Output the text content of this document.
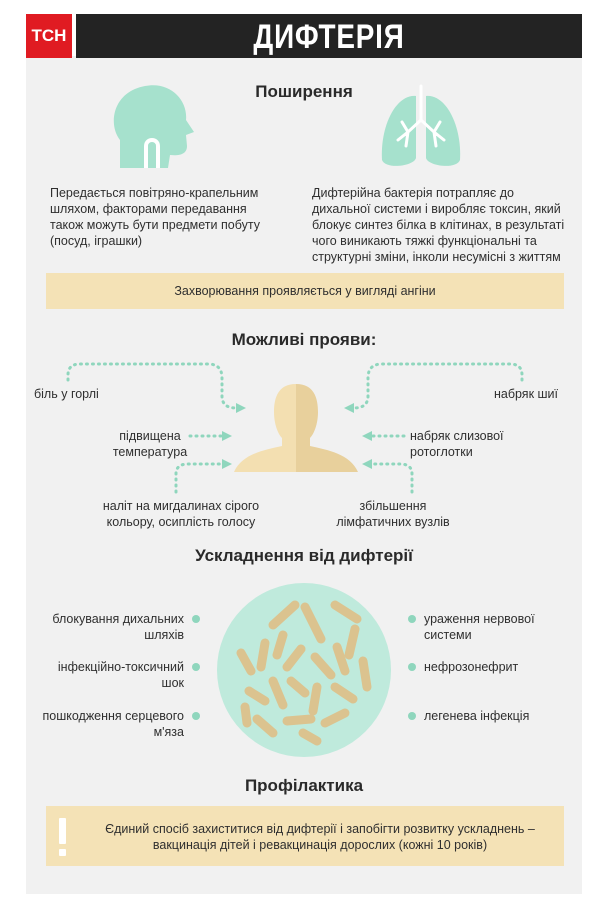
ТСН	ДИФТЕРІЯ
Поширення
Передається повітряно-крапельним шляхом, факторами передавання також можуть бути предмети побуту (посуд, іграшки)
Дифтерійна бактерія потрапляє до дихальної системи і виробляє токсин, який блокує синтез білка в клітинах, в результаті чого виникають тяжкі функціональні та структурні зміни, інколи несумісні з життям
Захворювання проявляється у вигляді ангіни
Можливі прояви:
біль у горлі	набряк шиї
підвищена температура
набряк слизової ротоглотки
наліт на мигдалинах сірого кольору, осиплість голосу
збільшення лімфатичних вузлів
Ускладнення від дифтерії
блокування дихальних шляхів
інфекційно-токсичний шок
пошкодження серцевого м'яза
ураження нервової системи
нефрозонефрит
легенева інфекція
Профілактика
Єдиний спосіб захиститися від дифтерії і запобігти розвитку ускладнень – вакцинація дітей і ревакцинація дорослих (кожні 10 років)
